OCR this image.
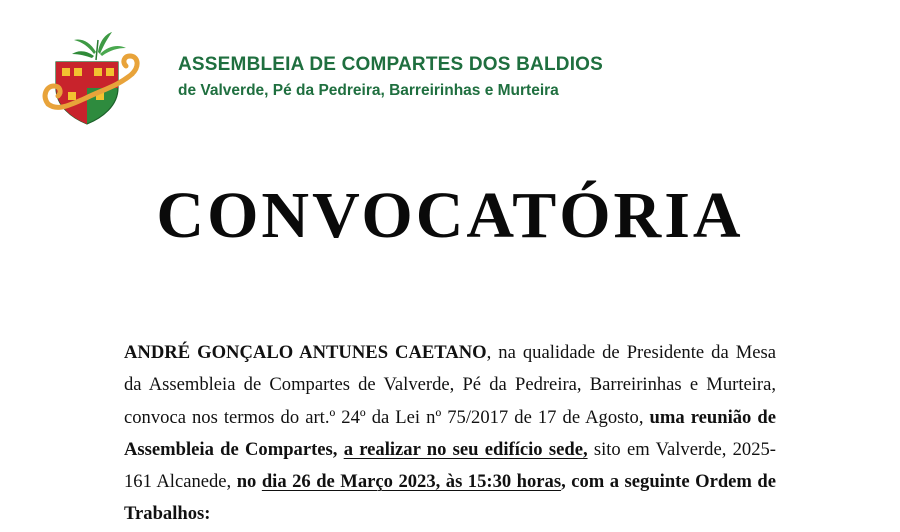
ASSEMBLEIA DE COMPARTES DOS BALDIOS
de Valverde, Pé da Pedreira, Barreirinhas e Murteira
CONVOCATÓRIA
ANDRÉ GONÇALO ANTUNES CAETANO, na qualidade de Presidente da Mesa da Assembleia de Compartes de Valverde, Pé da Pedreira, Barreirinhas e Murteira, convoca nos termos do art.º 24º da Lei nº 75/2017 de 17 de Agosto, uma reunião de Assembleia de Compartes, a realizar no seu edifício sede, sito em Valverde, 2025-161 Alcanede, no dia 26 de Março 2023, às 15:30 horas, com a seguinte Ordem de Trabalhos:
